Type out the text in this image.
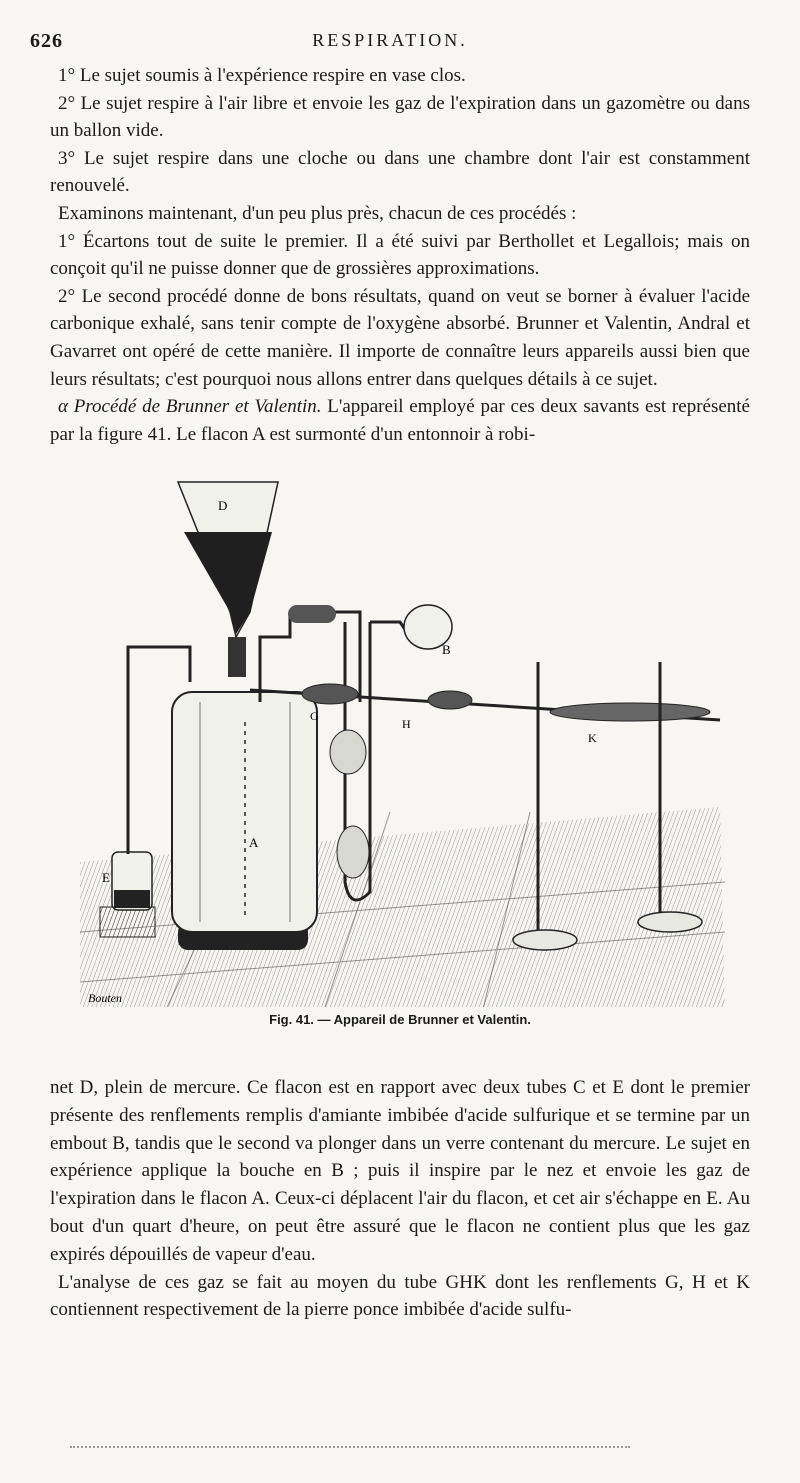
626	RESPIRATION.

1° Le sujet soumis à l'expérience respire en vase clos.

2° Le sujet respire à l'air libre et envoie les gaz de l'expiration dans un gazomètre ou dans un ballon vide.

3° Le sujet respire dans une cloche ou dans une chambre dont l'air est constamment renouvelé.

Examinons maintenant, d'un peu plus près, chacun de ces procédés :

1° Écartons tout de suite le premier. Il a été suivi par Berthollet et Legallois; mais on conçoit qu'il ne puisse donner que de grossières approximations.

2° Le second procédé donne de bons résultats, quand on veut se borner à évaluer l'acide carbonique exhalé, sans tenir compte de l'oxygène absorbé. Brunner et Valentin, Andral et Gavarret ont opéré de cette manière. Il importe de connaître leurs appareils aussi bien que leurs résultats; c'est pourquoi nous allons entrer dans quelques détails à ce sujet.

α Procédé de Brunner et Valentin. L'appareil employé par ces deux savants est représenté par la figure 41. Le flacon A est surmonté d'un entonnoir à robi-

E
A
D
B
G
H
K
Bouten
Fig. 41. — Appareil de Brunner et Valentin.

net D, plein de mercure. Ce flacon est en rapport avec deux tubes C et E dont le premier présente des renflements remplis d'amiante imbibée d'acide sulfurique et se termine par un embout B, tandis que le second va plonger dans un verre contenant du mercure. Le sujet en expérience applique la bouche en B ; puis il inspire par le nez et envoie les gaz de l'expiration dans le flacon A. Ceux-ci déplacent l'air du flacon, et cet air s'échappe en E. Au bout d'un quart d'heure, on peut être assuré que le flacon ne contient plus que les gaz expirés dépouillés de vapeur d'eau.

L'analyse de ces gaz se fait au moyen du tube GHK dont les renflements G, H et K contiennent respectivement de la pierre ponce imbibée d'acide sulfu-
